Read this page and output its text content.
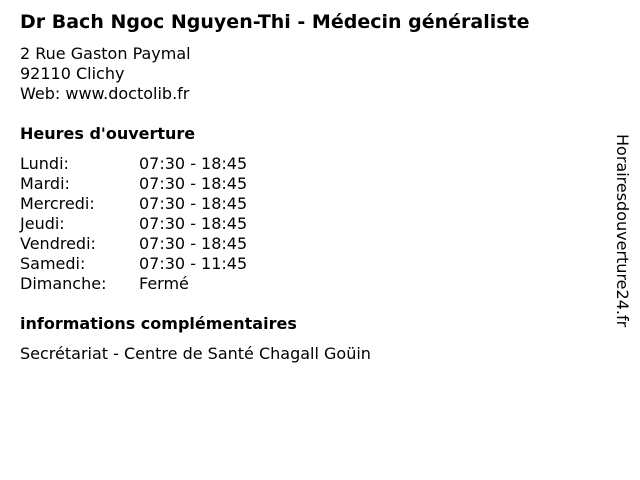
Dr Bach Ngoc Nguyen-Thi - Médecin généraliste
2 Rue Gaston Paymal
92110 Clichy
Web: www.doctolib.fr
Heures d'ouverture
Lundi:	07:30 - 18:45
Mardi:	07:30 - 18:45
Mercredi:	07:30 - 18:45
Jeudi:	07:30 - 18:45
Vendredi:	07:30 - 18:45
Samedi:	07:30 - 11:45
Dimanche:	Fermé
informations complémentaires
Secrétariat - Centre de Santé Chagall Goüin
Horairesdouverture24.fr
